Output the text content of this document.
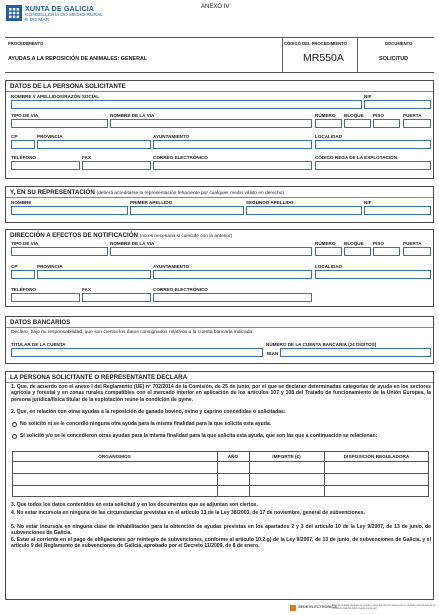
XUNTA DE GALICIA
CONSELLERÍA DO MEDIO RURAL
E DO MAR
ANEXO IV
PROCEDIMIENTO
AYUDAS A LA REPOSICIÓN DE ANIMALES: GENERAL
CÓDIGO DEL PROCEDIMIENTO
MR550A
DOCUMENTO
SOLICITUD
DATOS DE LA PERSONA SOLICITANTE
NOMBRE Y APELLIDOS/RAZÓN SOCIAL	NIF
TIPO DE VÍA	NOMBRE DE LA VÍA	NÚMERO BLOQUE PISO	PUERTA
CP	PROVINCIA	AYUNTAMIENTO	LOCALIDAD
TELÉFONO	FAX	CORREO ELECTRÓNICO	CÓDIGO REGA DE LA EXPLOTACIÓN
Y, EN SU REPRESENTACIÓN (deberá acreditarse la representación fehaciente por cualquier medio válido en derecho)
NOMBRE	PRIMER APELLIDO	SEGUNDO APELLIDO	NIF
DIRECCIÓN A EFECTOS DE NOTIFICACIÓN (no es necesaria si coincide con la anterior)
TIPO DE VÍA	NOMBRE DE LA VÍA	NÚMERO BLOQUE PISO	PUERTA
CP	PROVINCIA	AYUNTAMIENTO	LOCALIDAD
TELÉFONO	FAX	CORREO ELECTRÓNICO
DATOS BANCARIOS
Declaro, bajo mi responsabilidad, que son ciertos los datos consignados relativos a la cuenta bancaria indicada.
TITULAR DE LA CUENTA	NÚMERO DE LA CUENTA BANCARIA (24 DÍGITOS)
IBAN
LA PERSONA SOLICITANTE O REPRESENTANTE DECLARA
1. Que, de acuerdo con el anexo I del Reglamento (UE) nº 702/2014 de la Comisión, de 25 de junio, por el que se declaran determinadas categorías de ayuda en los sectores agrícola y forestal y en zonas rurales compatibles con el mercado interior en aplicación de los artículos 107 y 108 del Tratado de funcionamiento de la Unión Europea, la persona jurídica/física titular de la explotación reúne la condición de pyme.
2. Que, en relación con otras ayudas a la reposición de ganado bovino, ovino y caprino concedidas o solicitadas:
No solicitó ni se le concedió ninguna otra ayuda para la misma finalidad para la que solicita esta ayuda.
Sí solicitó y/o se le concedieron otras ayudas para la misma finalidad para la que solicita esta ayuda, que son las que a continuación se relacionan:
ORGANISMOS	AÑO	IMPORTE (€)	DISPOSICIÓN REGULADORA
3. Que todos los datos contenidos en esta solicitud y en los documentos que se adjuntan son ciertos.
4. No estar incurso/a en ninguna de las circunstancias previstas en el artículo 13 de la Ley 38/2003, de 17 de noviembre, general de subvenciones.
5. No estar incurso/a en ninguna clase de inhabilitación para la obtención de ayudas previstas en los apartados 2 y 3 del artículo 10 de la Ley 9/2007, de 13 de junio, de subvenciones de Galicia.
6. Estar al corriente en el pago de obligaciones por reintegro de subvenciones, conforme al artículo 10.2.g) de la Ley 9/2007, de 13 de junio, de subvenciones de Galicia, y el artículo 9 del Reglamento de subvenciones de Galicia, aprobado por el Decreto 11/2009, de 8 de enero.
SEDE ELECTRÓNICA
Este formulario también se puede presentar electrónicamente en la sede electrónica de la Xunta de Galicia https://sede.xunta.gal
